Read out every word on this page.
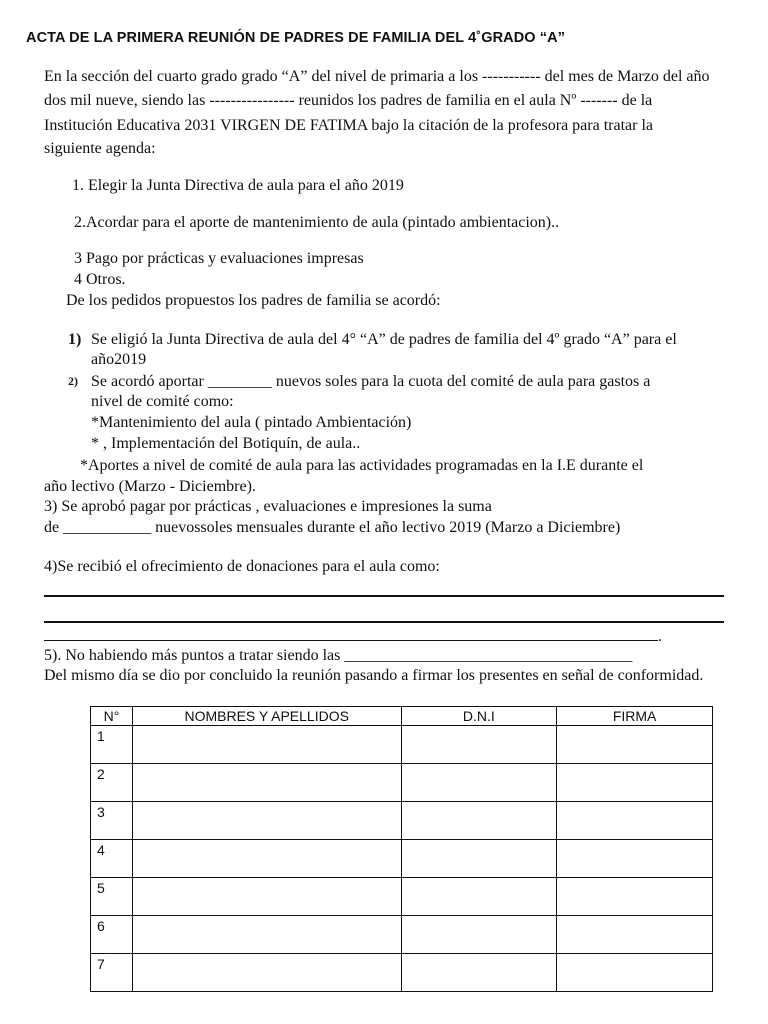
ACTA DE LA PRIMERA REUNIÓN DE PADRES DE FAMILIA DEL 4˚GRADO “A”
En la sección del cuarto grado grado “A” del nivel de primaria a los ----------- del mes de Marzo del año
dos mil nueve, siendo las ---------------- reunidos los padres de familia en el aula Nº ------- de la
Institución Educativa 2031 VIRGEN DE FATIMA bajo la citación de la profesora para tratar la
siguiente agenda:
1. Elegir la Junta Directiva de aula para el año 2019
2.Acordar para el aporte de mantenimiento de aula (pintado ambientacion)..
3 Pago por prácticas y evaluaciones impresas
4 Otros.
De los pedidos propuestos los padres de familia se acordó:
1) Se eligió la Junta Directiva de aula del 4° “A” de padres de familia del 4º grado “A” para el
año2019
2) Se acordó aportar ________ nuevos soles para la cuota del comité de aula para gastos a
nivel de comité como:
*Mantenimiento del aula ( pintado Ambientación)
* , Implementación del Botiquín, de aula..
*Aportes a nivel de comité de aula para las actividades programadas en la I.E durante el
año lectivo (Marzo - Diciembre).
3) Se aprobó pagar por prácticas , evaluaciones e impresiones la suma
de ___________ nuevossoles mensuales durante el año lectivo 2019 (Marzo a Diciembre)
4)Se recibió el ofrecimiento de donaciones para el aula como:
.
5). No habiendo más puntos a tratar siendo las ____________________________________
Del mismo día se dio por concluido la reunión pasando a firmar los presentes en señal de conformidad.
N°	NOMBRES Y APELLIDOS	D.N.I	FIRMA
1			
2			
3			
4			
5			
6			
7			
